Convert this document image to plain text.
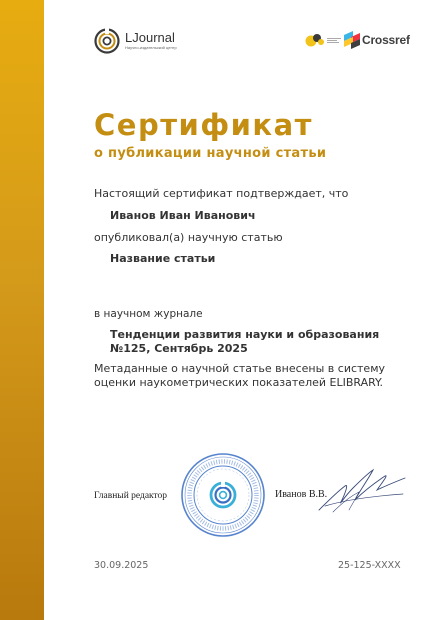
LJournal
Научно-издательский центр
Crossref
Сертификат
о публикации научной статьи
Настоящий сертификат подтверждает, что
Иванов Иван Иванович
опубликовал(а) научную статью
Название статьи
в научном журнале
Тенденции развития науки и образования
№125, Сентябрь 2025
Метаданные о научной статье внесены в систему
оценки наукометрических показателей ELIBRARY.
Главный редактор	Иванов В.В.
30.09.2025	25-125-XXXX
